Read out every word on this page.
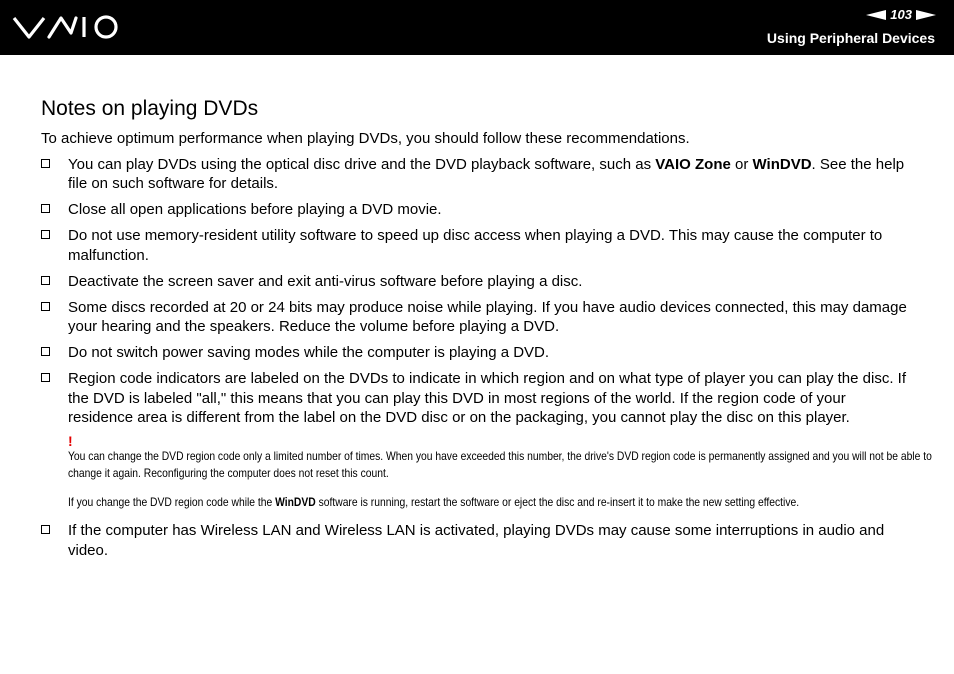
103
Using Peripheral Devices
Notes on playing DVDs

To achieve optimum performance when playing DVDs, you should follow these recommendations.

You can play DVDs using the optical disc drive and the DVD playback software, such as VAIO Zone or WinDVD. See the help file on such software for details.
Close all open applications before playing a DVD movie.
Do not use memory-resident utility software to speed up disc access when playing a DVD. This may cause the computer to malfunction.
Deactivate the screen saver and exit anti-virus software before playing a disc.
Some discs recorded at 20 or 24 bits may produce noise while playing. If you have audio devices connected, this may damage your hearing and the speakers. Reduce the volume before playing a DVD.
Do not switch power saving modes while the computer is playing a DVD.
Region code indicators are labeled on the DVDs to indicate in which region and on what type of player you can play the disc. If the DVD is labeled "all," this means that you can play this DVD in most regions of the world. If the region code of your residence area is different from the label on the DVD disc or on the packaging, you cannot play the disc on this player.
!

You can change the DVD region code only a limited number of times. When you have exceeded this number, the drive's DVD region code is permanently assigned and you will not be able to change it again. Reconfiguring the computer does not reset this count.

If you change the DVD region code while the WinDVD software is running, restart the software or eject the disc and re-insert it to make the new setting effective.

If the computer has Wireless LAN and Wireless LAN is activated, playing DVDs may cause some interruptions in audio and video.
